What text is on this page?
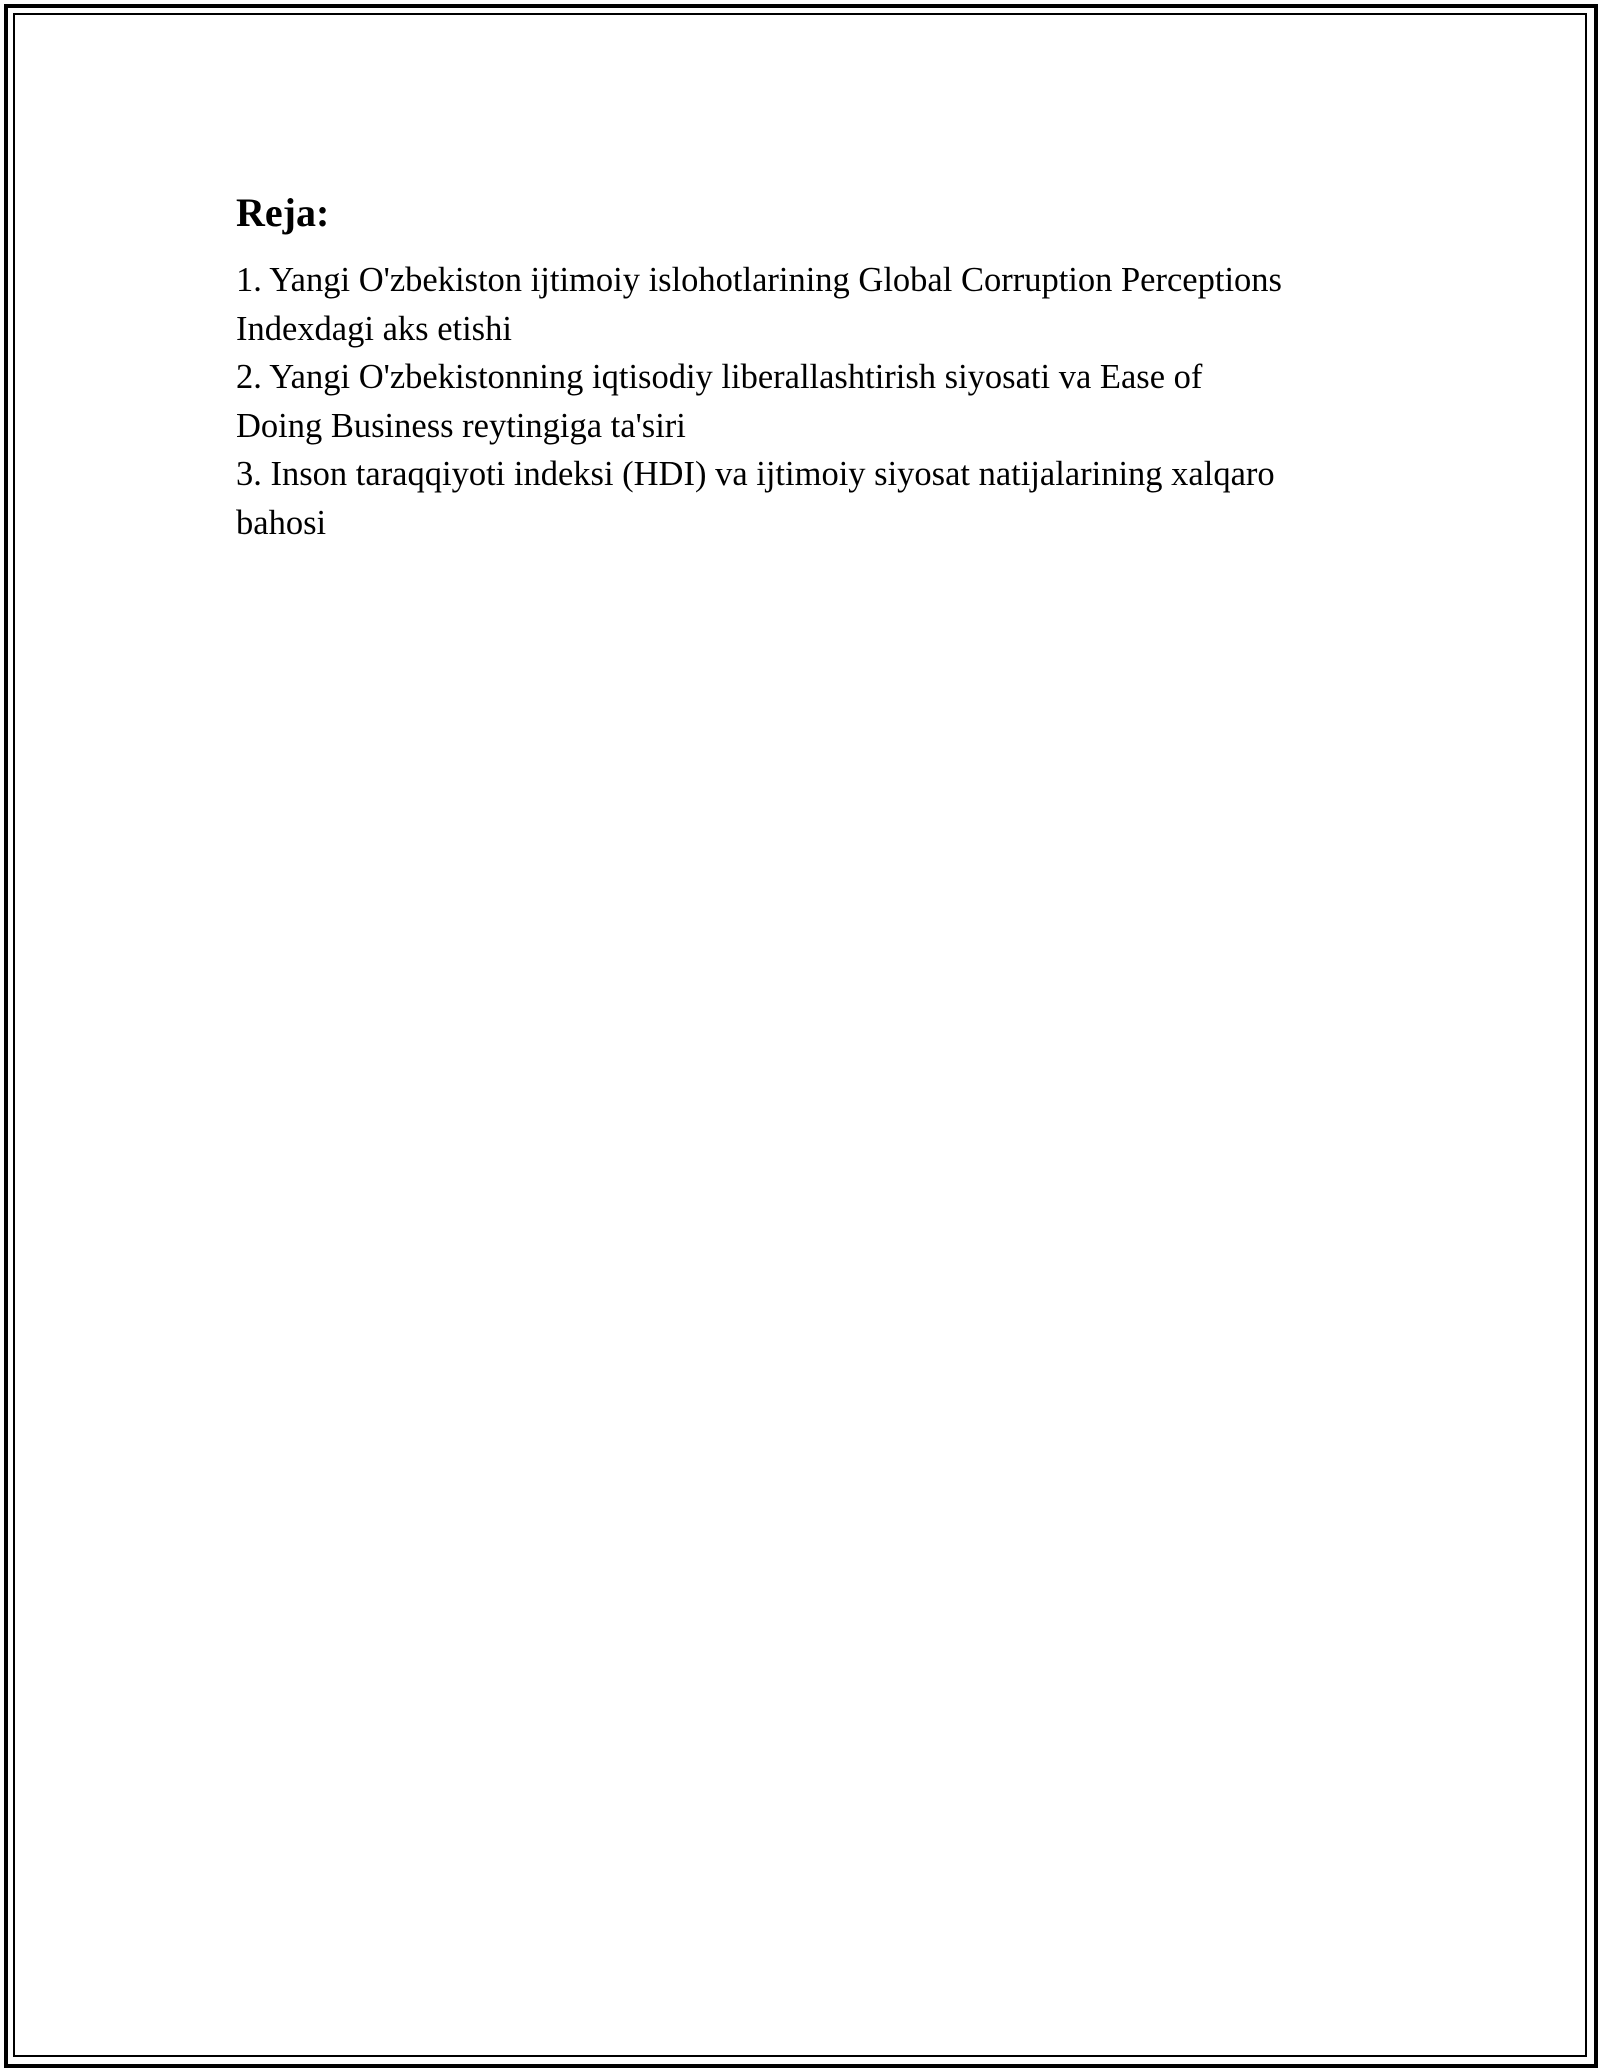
Reja:
1. Yangi O'zbekiston ijtimoiy islohotlarining Global Corruption Perceptions
Indexdagi aks etishi
2. Yangi O'zbekistonning iqtisodiy liberallashtirish siyosati va Ease of
Doing Business reytingiga ta'siri
3. Inson taraqqiyoti indeksi (HDI) va ijtimoiy siyosat natijalarining xalqaro
bahosi
